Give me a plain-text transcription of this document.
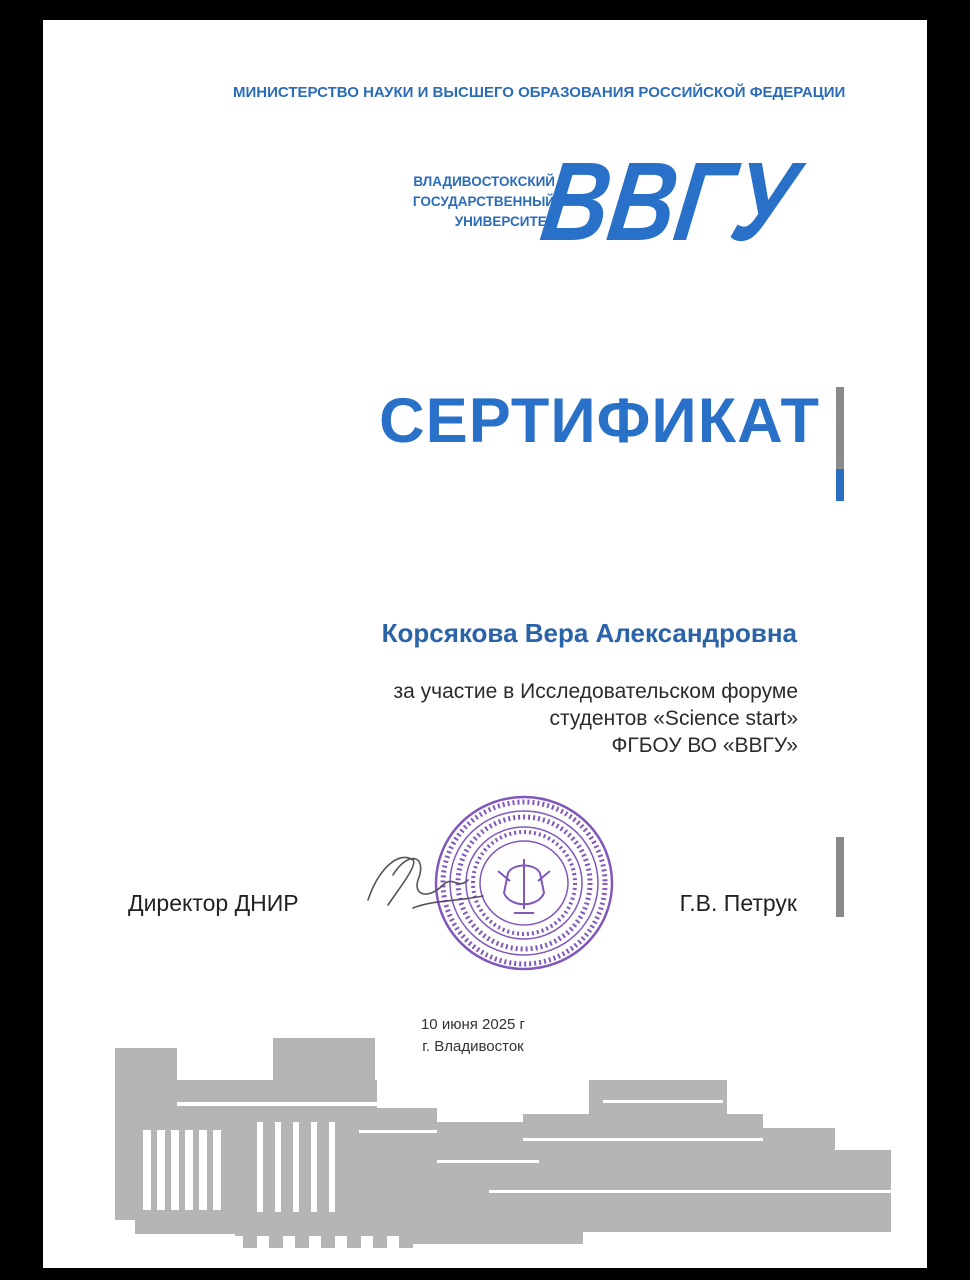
МИНИСТЕРСТВО НАУКИ И ВЫСШЕГО ОБРАЗОВАНИЯ РОССИЙСКОЙ ФЕДЕРАЦИИ
ВЛАДИВОСТОКСКИЙ
ГОСУДАРСТВЕННЫЙ
УНИВЕРСИТЕТ
ВВГУ
СЕРТИФИКАТ
Корсякова Вера Александровна
за участие в Исследовательском форуме
студентов «Science start»
ФГБОУ ВО «ВВГУ»
Директор ДНИР	Г.В. Петрук
10 июня 2025 г
г. Владивосток
